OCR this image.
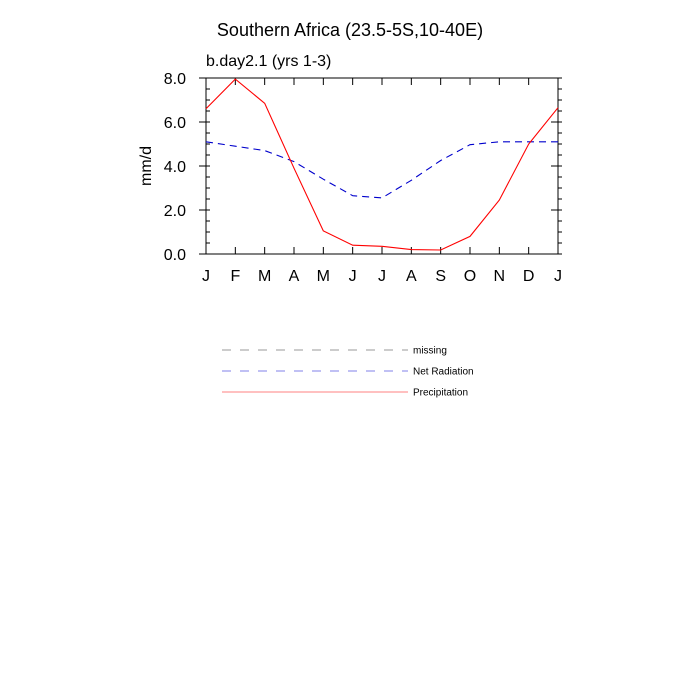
Southern Africa (23.5-5S,10-40E)
b.day2.1 (yrs 1-3)
mm/d
J F M A M J J A S O N D J
0.0
2.0
4.0
6.0
8.0
missing
Net Radiation
Precipitation
